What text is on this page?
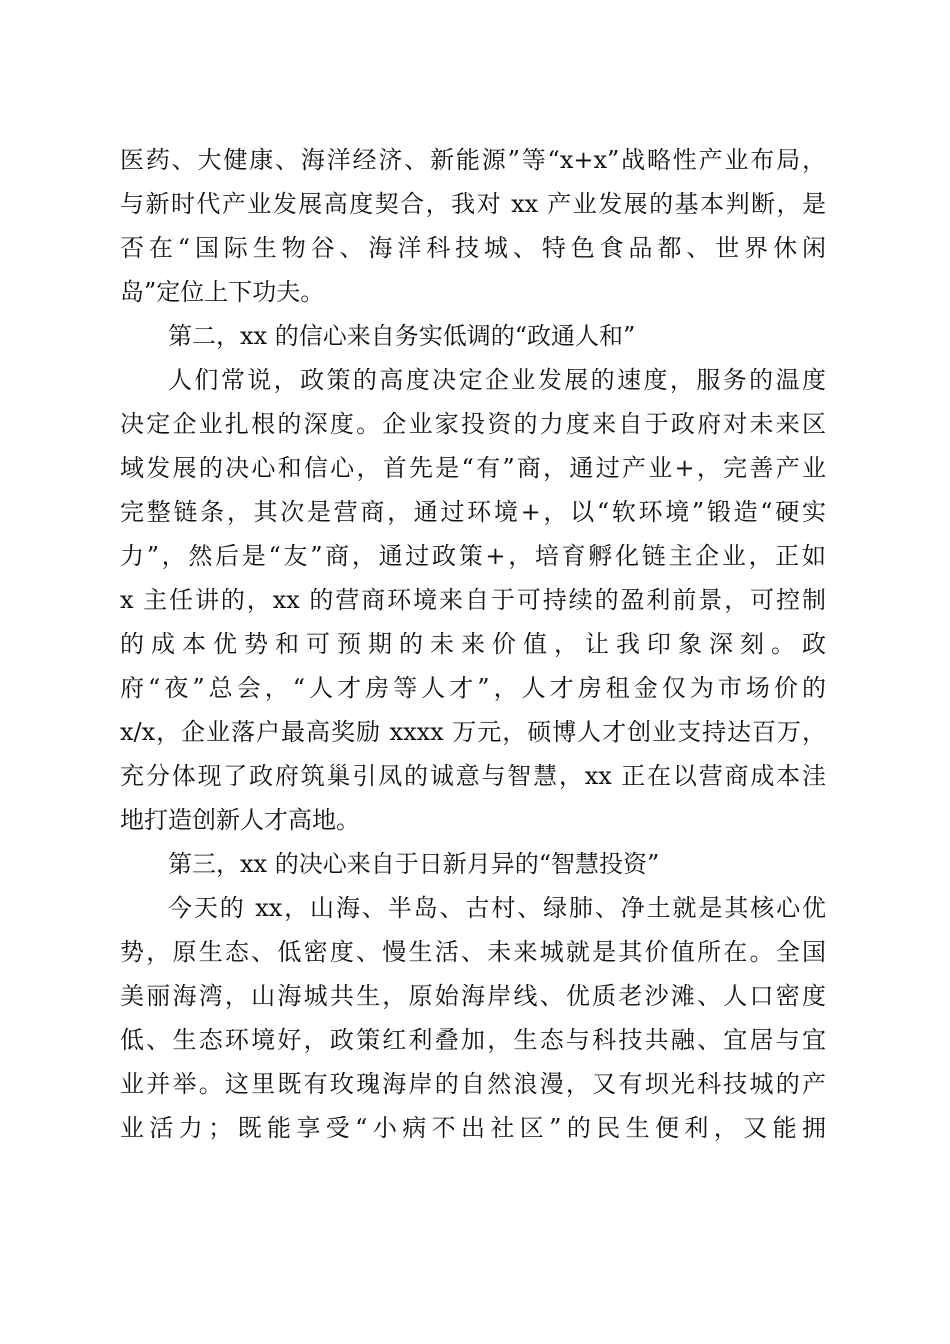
医药、大健康、海洋经济、新能源”等“x+x”战略性产业布局，
与新时代产业发展高度契合，我对 xx 产业发展的基本判断，是
否在“国际生物谷、海洋科技城、特色食品都、世界休闲
岛”定位上下功夫。
第二，xx 的信心来自务实低调的“政通人和”
人们常说，政策的高度决定企业发展的速度，服务的温度
决定企业扎根的深度。企业家投资的力度来自于政府对未来区
域发展的决心和信心，首先是“有”商，通过产业+，完善产业
完整链条，其次是营商，通过环境+，以“软环境”锻造“硬实
力”，然后是“友”商，通过政策+，培育孵化链主企业，正如
x 主任讲的，xx 的营商环境来自于可持续的盈利前景，可控制
的成本优势和可预期的未来价值，让我印象深刻。政
府“夜”总会，“人才房等人才”，人才房租金仅为市场价的
x/x，企业落户最高奖励 xxxx 万元，硕博人才创业支持达百万，
充分体现了政府筑巢引凤的诚意与智慧，xx 正在以营商成本洼
地打造创新人才高地。
第三，xx 的决心来自于日新月异的“智慧投资”
今天的 xx，山海、半岛、古村、绿肺、净土就是其核心优
势，原生态、低密度、慢生活、未来城就是其价值所在。全国
美丽海湾，山海城共生，原始海岸线、优质老沙滩、人口密度
低、生态环境好，政策红利叠加，生态与科技共融、宜居与宜
业并举。这里既有玫瑰海岸的自然浪漫，又有坝光科技城的产
业活力；既能享受“小病不出社区”的民生便利，又能拥
